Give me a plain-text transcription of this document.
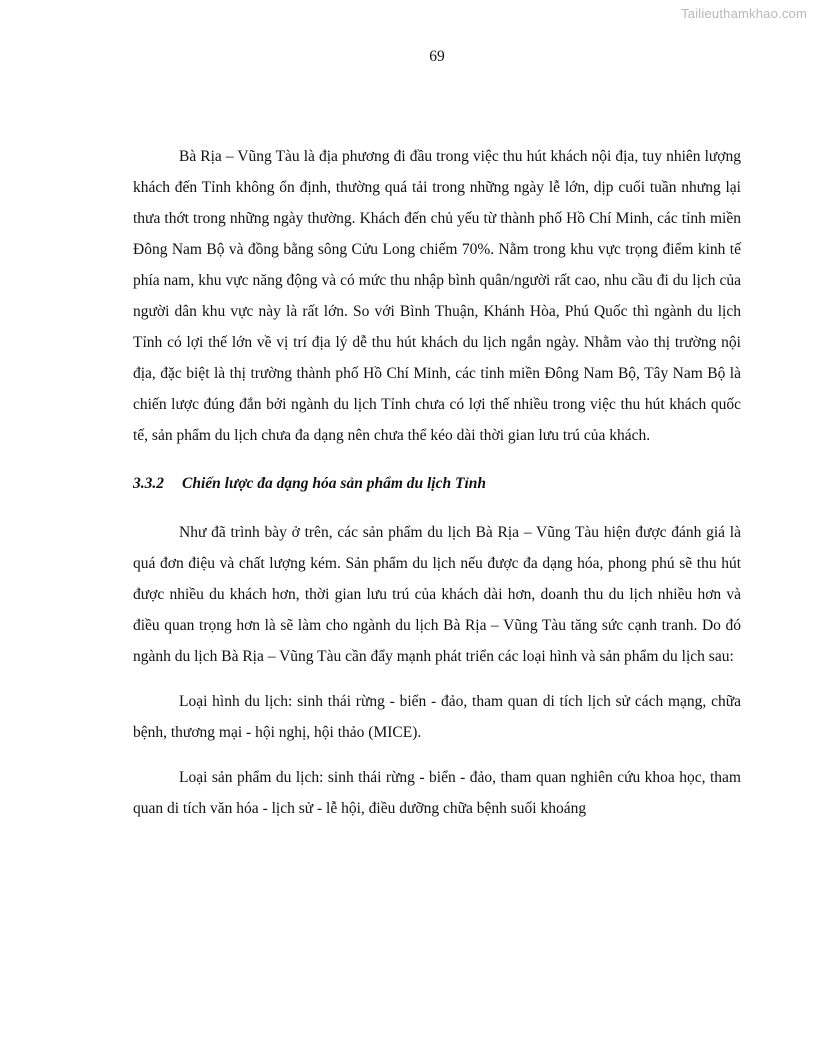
Tailieuthamkhao.com
69

Bà Rịa – Vũng Tàu là địa phương đi đầu trong việc thu hút khách nội địa, tuy nhiên lượng khách đến Tỉnh không ổn định, thường quá tải trong những ngày lễ lớn, dịp cuối tuần nhưng lại thưa thớt trong những ngày thường. Khách đến chủ yếu từ thành phố Hồ Chí Minh, các tỉnh miền Đông Nam Bộ và đồng bằng sông Cửu Long chiếm 70%. Nằm trong khu vực trọng điểm kinh tế phía nam, khu vực năng động và có mức thu nhập bình quân/người rất cao, nhu cầu đi du lịch của người dân khu vực này là rất lớn. So với Bình Thuận, Khánh Hòa, Phú Quốc thì ngành du lịch Tỉnh có lợi thế lớn về vị trí địa lý dễ thu hút khách du lịch ngắn ngày. Nhằm vào thị trường nội địa, đặc biệt là thị trường thành phố Hồ Chí Minh, các tỉnh miền Đông Nam Bộ, Tây Nam Bộ là chiến lược đúng đắn bởi ngành du lịch Tỉnh chưa có lợi thế nhiều trong việc thu hút khách quốc tế, sản phẩm du lịch chưa đa dạng nên chưa thể kéo dài thời gian lưu trú của khách.

3.3.2 Chiến lược đa dạng hóa sản phẩm du lịch Tỉnh

Như đã trình bày ở trên, các sản phẩm du lịch Bà Rịa – Vũng Tàu hiện được đánh giá là quá đơn điệu và chất lượng kém. Sản phẩm du lịch nếu được đa dạng hóa, phong phú sẽ thu hút được nhiều du khách hơn, thời gian lưu trú của khách dài hơn, doanh thu du lịch nhiều hơn và điều quan trọng hơn là sẽ làm cho ngành du lịch Bà Rịa – Vũng Tàu tăng sức cạnh tranh. Do đó ngành du lịch Bà Rịa – Vũng Tàu cần đẩy mạnh phát triển các loại hình và sản phẩm du lịch sau:

Loại hình du lịch: sinh thái rừng - biển - đảo, tham quan di tích lịch sử cách mạng, chữa bệnh, thương mại - hội nghị, hội thảo (MICE).

Loại sản phẩm du lịch: sinh thái rừng - biển - đảo, tham quan nghiên cứu khoa học, tham quan di tích văn hóa - lịch sử - lễ hội, điều dưỡng chữa bệnh suối khoáng
